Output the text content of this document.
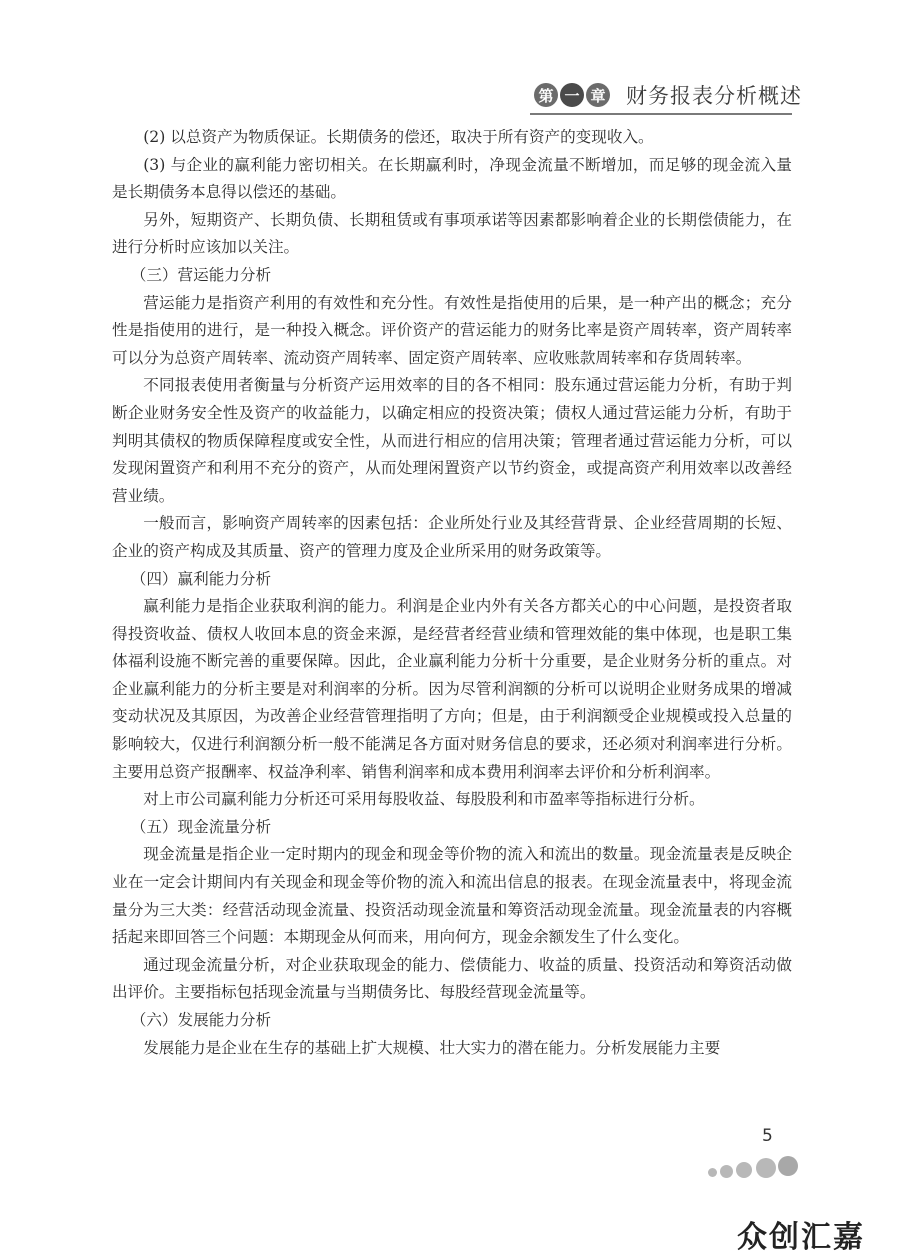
第 一 章 财务报表分析概述

(2) 以总资产为物质保证。长期债务的偿还，取决于所有资产的变现收入。

(3) 与企业的赢利能力密切相关。在长期赢利时，净现金流量不断增加，而足够的现金流入量是长期债务本息得以偿还的基础。

另外，短期资产、长期负债、长期租赁或有事项承诺等因素都影响着企业的长期偿债能力，在进行分析时应该加以关注。

（三）营运能力分析

营运能力是指资产利用的有效性和充分性。有效性是指使用的后果，是一种产出的概念；充分性是指使用的进行，是一种投入概念。评价资产的营运能力的财务比率是资产周转率，资产周转率可以分为总资产周转率、流动资产周转率、固定资产周转率、应收账款周转率和存货周转率。

不同报表使用者衡量与分析资产运用效率的目的各不相同：股东通过营运能力分析，有助于判断企业财务安全性及资产的收益能力，以确定相应的投资决策；债权人通过营运能力分析，有助于判明其债权的物质保障程度或安全性，从而进行相应的信用决策；管理者通过营运能力分析，可以发现闲置资产和利用不充分的资产，从而处理闲置资产以节约资金，或提高资产利用效率以改善经营业绩。

一般而言，影响资产周转率的因素包括：企业所处行业及其经营背景、企业经营周期的长短、企业的资产构成及其质量、资产的管理力度及企业所采用的财务政策等。

（四）赢利能力分析

赢利能力是指企业获取利润的能力。利润是企业内外有关各方都关心的中心问题，是投资者取得投资收益、债权人收回本息的资金来源，是经营者经营业绩和管理效能的集中体现，也是职工集体福利设施不断完善的重要保障。因此，企业赢利能力分析十分重要，是企业财务分析的重点。对企业赢利能力的分析主要是对利润率的分析。因为尽管利润额的分析可以说明企业财务成果的增减变动状况及其原因，为改善企业经营管理指明了方向；但是，由于利润额受企业规模或投入总量的影响较大，仅进行利润额分析一般不能满足各方面对财务信息的要求，还必须对利润率进行分析。主要用总资产报酬率、权益净利率、销售利润率和成本费用利润率去评价和分析利润率。

对上市公司赢利能力分析还可采用每股收益、每股股利和市盈率等指标进行分析。

（五）现金流量分析

现金流量是指企业一定时期内的现金和现金等价物的流入和流出的数量。现金流量表是反映企业在一定会计期间内有关现金和现金等价物的流入和流出信息的报表。在现金流量表中，将现金流量分为三大类：经营活动现金流量、投资活动现金流量和筹资活动现金流量。现金流量表的内容概括起来即回答三个问题：本期现金从何而来，用向何方，现金余额发生了什么变化。

通过现金流量分析，对企业获取现金的能力、偿债能力、收益的质量、投资活动和筹资活动做出评价。主要指标包括现金流量与当期债务比、每股经营现金流量等。

（六）发展能力分析

发展能力是企业在生存的基础上扩大规模、壮大实力的潜在能力。分析发展能力主要

5
众创汇嘉
